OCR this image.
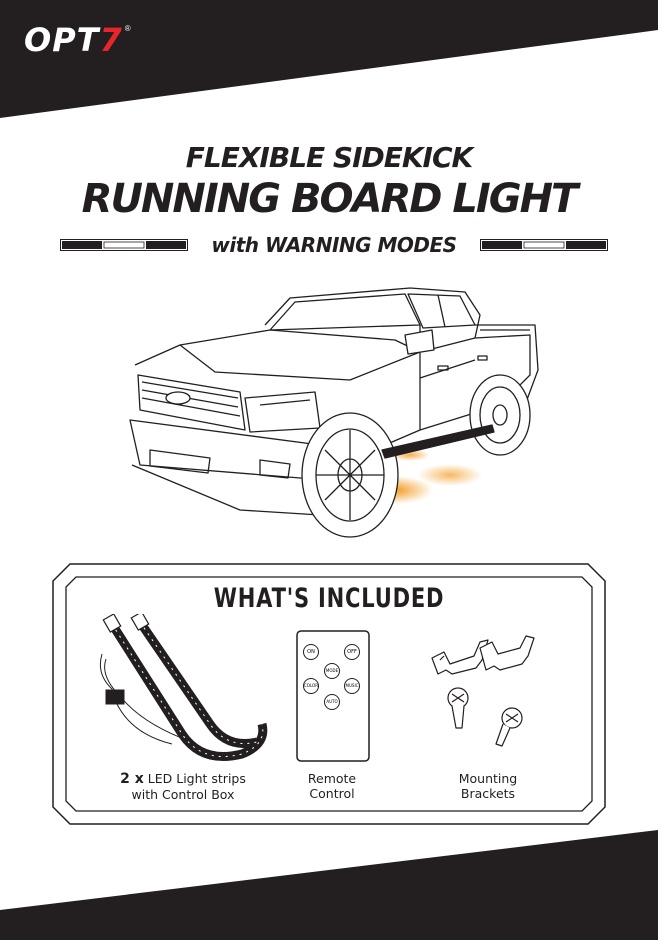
OPT7 ®
FLEXIBLE SIDEKICK
RUNNING BOARD LIGHT
with WARNING MODES
WHAT'S INCLUDED
ON	OFF
MODE
COLOR	MUSIC
AUTO
2 x LED Light strips
with Control Box
Remote
Control
Mounting
Brackets
